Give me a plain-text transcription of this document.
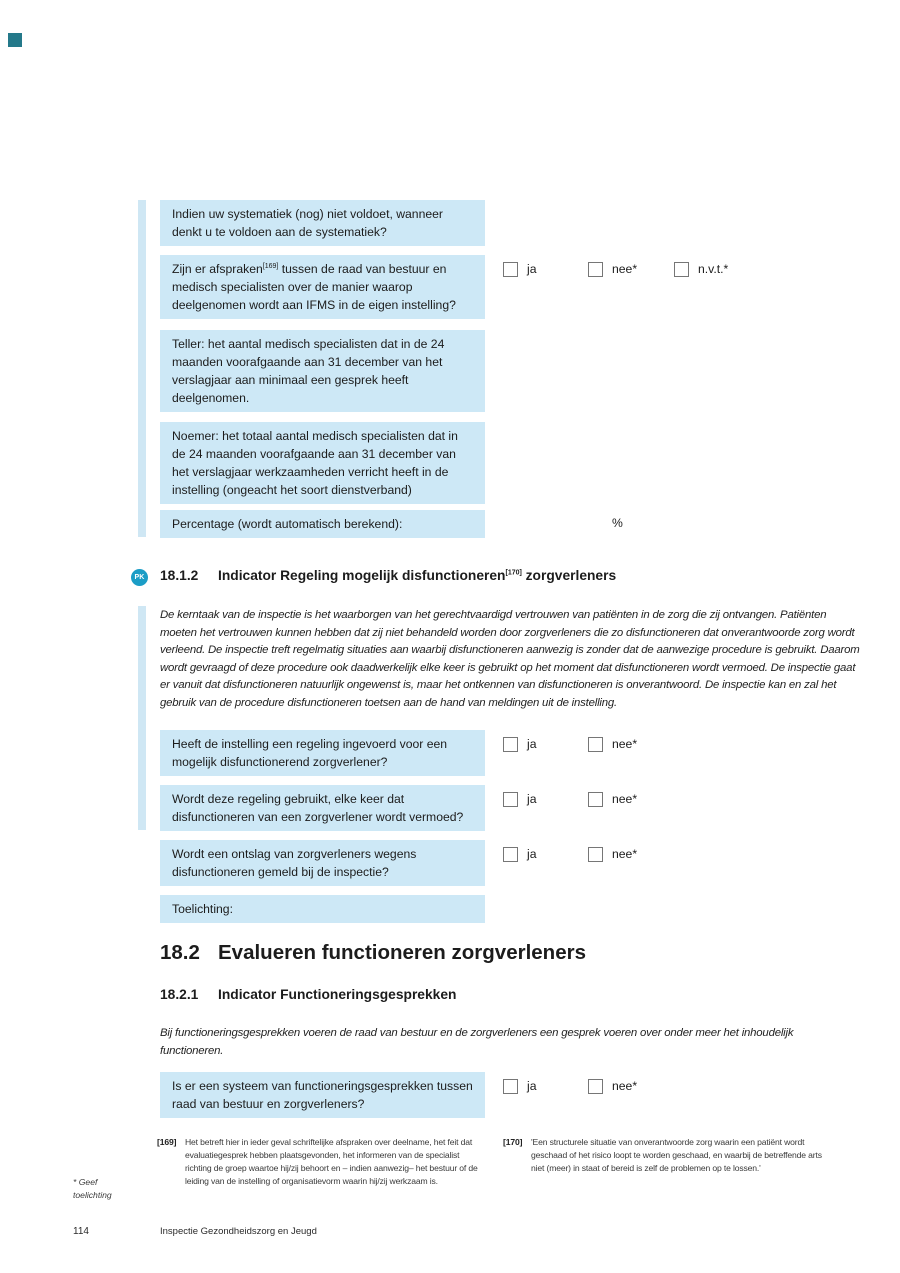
Indien uw systematiek (nog) niet voldoet, wanneer denkt u te voldoen aan de systematiek?
Zijn er afspraken[169] tussen de raad van bestuur en medisch specialisten over de manier waarop deelgenomen wordt aan IFMS in de eigen instelling?
ja	nee*	n.v.t.*
Teller: het aantal medisch specialisten dat in de 24 maanden voorafgaande aan 31 december van het verslagjaar aan minimaal een gesprek heeft deelgenomen.
Noemer: het totaal aantal medisch specialisten dat in de 24 maanden voorafgaande aan 31 december van het verslagjaar werkzaamheden verricht heeft in de instelling (ongeacht het soort dienstverband)
Percentage (wordt automatisch berekend):	%
PK 18.1.2 Indicator Regeling mogelijk disfunctioneren[170] zorgverleners

De kerntaak van de inspectie is het waarborgen van het gerechtvaardigd vertrouwen van patiënten in de zorg die zij ontvangen. Patiënten moeten het vertrouwen kunnen hebben dat zij niet behandeld worden door zorgverleners die zo disfunctioneren dat onverantwoorde zorg wordt verleend. De inspectie treft regelmatig situaties aan waarbij disfunctioneren aanwezig is zonder dat de aanwezige procedure is gebruikt. Daarom wordt gevraagd of deze procedure ook daadwerkelijk elke keer is gebruikt op het moment dat disfunctioneren wordt vermoed. De inspectie gaat er vanuit dat disfunctioneren natuurlijk ongewenst is, maar het ontkennen van disfunctioneren is onverantwoord. De inspectie kan en zal het gebruik van de procedure disfunctioneren toetsen aan de hand van meldingen uit de instelling.

Heeft de instelling een regeling ingevoerd voor een mogelijk disfunctionerend zorgverlener?
ja	nee*
Wordt deze regeling gebruikt, elke keer dat disfunctioneren van een zorgverlener wordt vermoed?
ja	nee*
Wordt een ontslag van zorgverleners wegens disfunctioneren gemeld bij de inspectie?
ja	nee*
Toelichting:
18.2 Evalueren functioneren zorgverleners
18.2.1 Indicator Functioneringsgesprekken

Bij functioneringsgesprekken voeren de raad van bestuur en de zorgverleners een gesprek voeren over onder meer het inhoudelijk functioneren.

Is er een systeem van functioneringsgesprekken tussen raad van bestuur en zorgverleners?
ja	nee*
[169] Het betreft hier in ieder geval schriftelijke afspraken over deelname, het feit dat evaluatiegesprek hebben plaatsgevonden, het informeren van de specialist richting de groep waartoe hij/zij behoort en – indien aanwezig– het bestuur of de leiding van de instelling of organisatievorm waarin hij/zij werkzaam is.
[170] 'Een structurele situatie van onverantwoorde zorg waarin een patiënt wordt geschaad of het risico loopt te worden geschaad, en waarbij de betreffende arts niet (meer) in staat of bereid is zelf de problemen op te lossen.'
* Geef toelichting
114	Inspectie Gezondheidszorg en Jeugd
